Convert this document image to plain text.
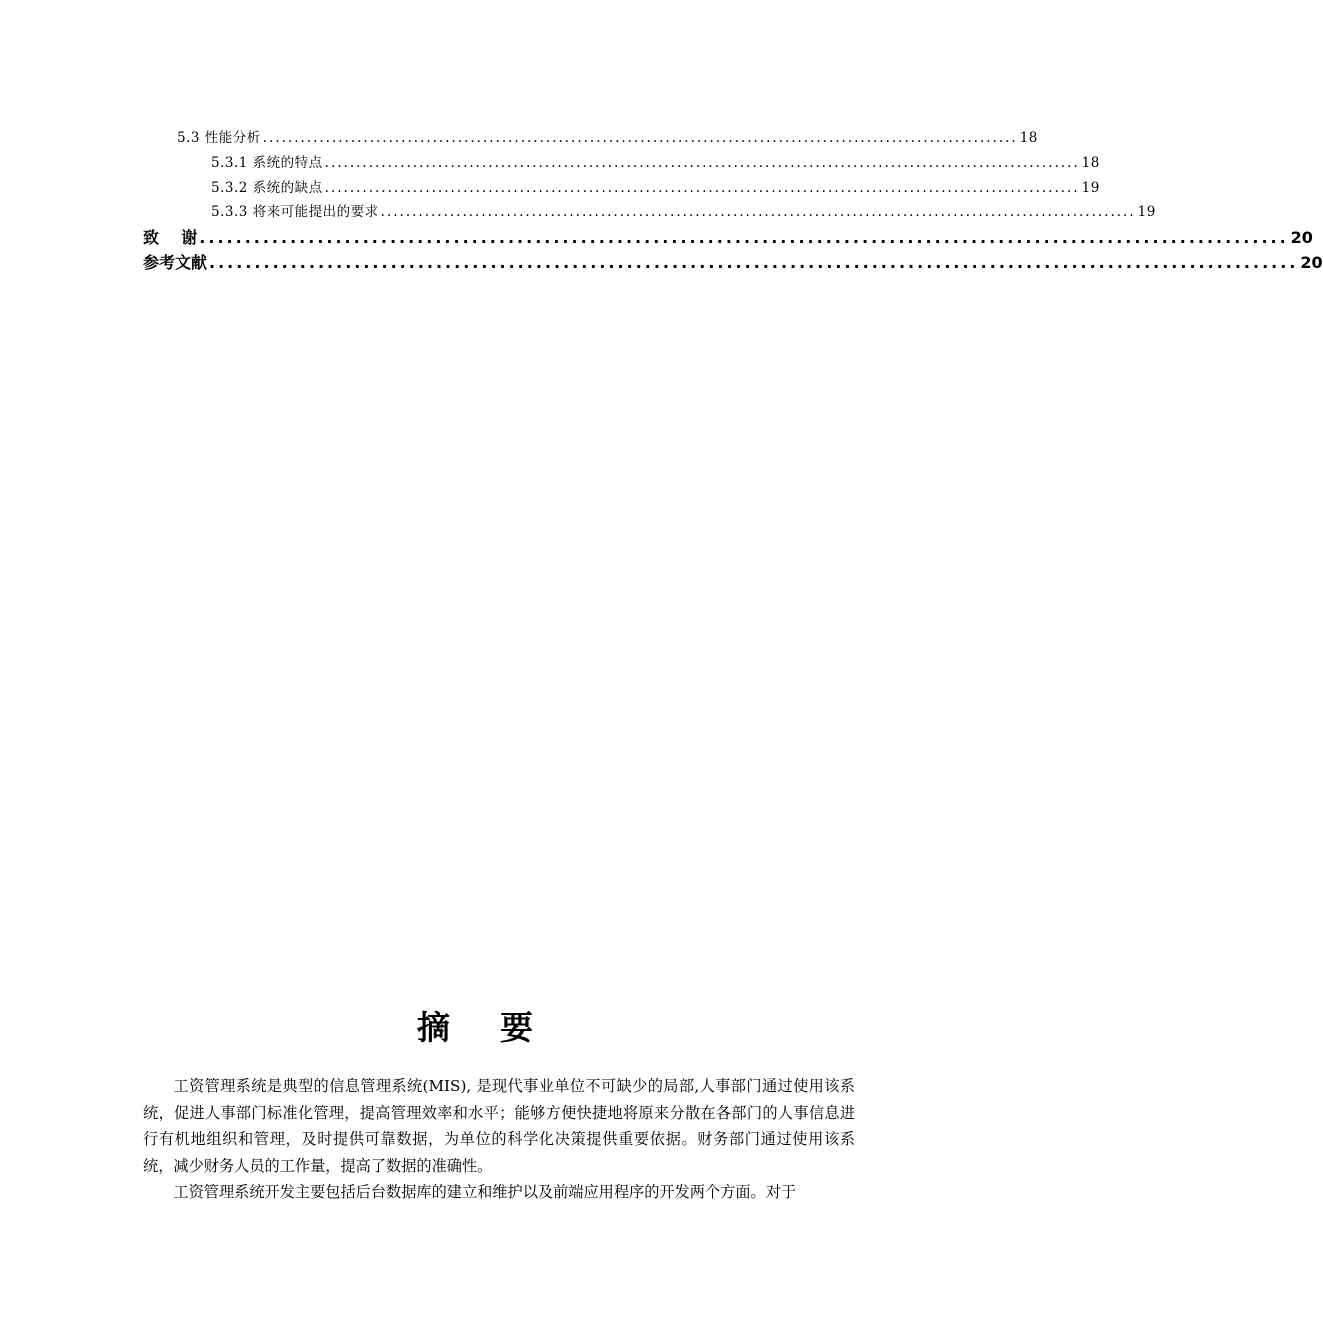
5.3 性能分析 ........................................................................................................................ 18
5.3.1 系统的特点 ........................................................................................................................ 18
5.3.2 系统的缺点 ........................................................................................................................ 19
5.3.3 将来可能提出的要求 ........................................................................................................................ 19
致    谢 ........................................................................................................................ 20
参考文献 ........................................................................................................................ 20
摘要

工资管理系统是典型的信息管理系统(MIS), 是现代事业单位不可缺少的局部,人事部门通过使用该系统，促进人事部门标准化管理，提高管理效率和水平；能够方便快捷地将原来分散在各部门的人事信息进行有机地组织和管理，及时提供可靠数据，为单位的科学化决策提供重要依据。财务部门通过使用该系统，减少财务人员的工作量，提高了数据的准确性。

工资管理系统开发主要包括后台数据库的建立和维护以及前端应用程序的开发两个方面。对于
